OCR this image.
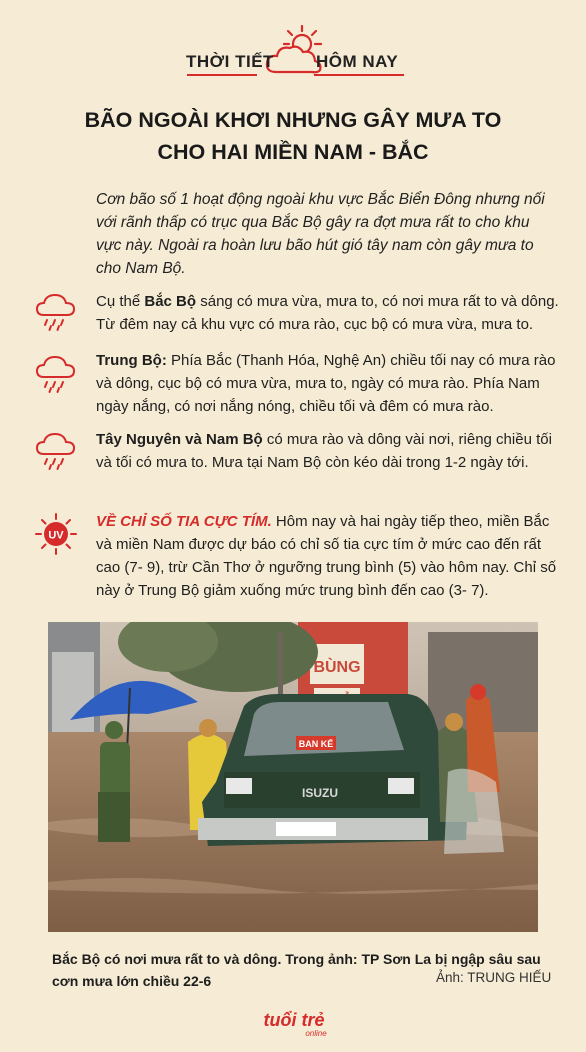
THỜI TIẾT HÔM NAY
BÃO NGOÀI KHƠI NHƯNG GÂY MƯA TO
CHO HAI MIỀN NAM - BẮC
Cơn bão số 1 hoạt động ngoài khu vực Bắc Biển Đông nhưng nối với rãnh thấp có trục qua Bắc Bộ gây ra đợt mưa rất to cho khu vực này. Ngoài ra hoàn lưu bão hút gió tây nam còn gây mưa to cho Nam Bộ.
Cụ thể Bắc Bộ sáng có mưa vừa, mưa to, có nơi mưa rất to và dông. Từ đêm nay cả khu vực có mưa rào, cục bộ có mưa vừa, mưa to.
Trung Bộ: Phía Bắc (Thanh Hóa, Nghệ An) chiều tối nay có mưa rào và dông, cục bộ có mưa vừa, mưa to, ngày có mưa rào. Phía Nam ngày nắng, có nơi nắng nóng, chiều tối và đêm có mưa rào.
Tây Nguyên và Nam Bộ có mưa rào và dông vài nơi, riêng chiều tối và tối có mưa to. Mưa tại Nam Bộ còn kéo dài trong 1-2 ngày tới.
UV
VỀ CHỈ SỐ TIA CỰC TÍM. Hôm nay và hai ngày tiếp theo, miền Bắc và miền Nam được dự báo có chỉ số tia cực tím ở mức cao đến rất cao (7- 9), trừ Cần Thơ ở ngưỡng trung bình (5) vào hôm nay. Chỉ số này ở Trung Bộ giảm xuống mức trung bình đến cao (3- 7).
BÙNG
BAN KẾ
ISUZU
Bắc Bộ có nơi mưa rất to và dông. Trong ảnh: TP Sơn La bị ngập sâu sau cơn mưa lớn chiều 22-6	Ảnh: TRUNG HIẾU
tuổi trẻ
online
